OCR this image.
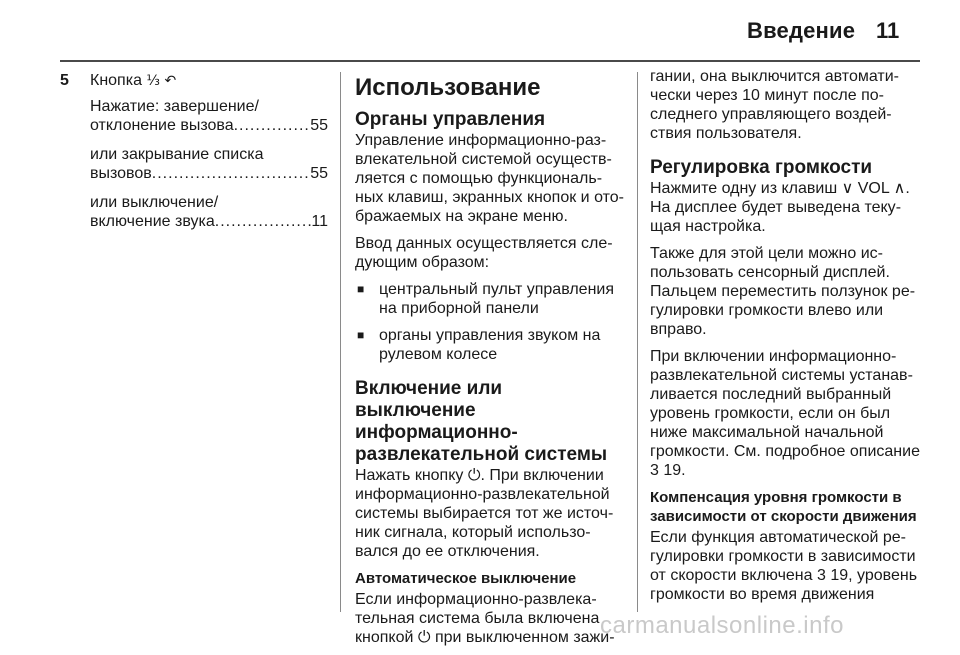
Введение 11
5 Кнопка ⅓ ↶

Нажатие: завершение/
отклонение вызова .....	55
или закрывание списка
вызовов .....	55
или выключение/
включение звука .....	11

Использование

Органы управления

Управление информационно-развлекательной системой осуществляется с помощью функциональных клавиш, экранных кнопок и отображаемых на экране меню.

Ввод данных осуществляется следующим образом:

■ центральный пульт управления на приборной панели
■ органы управления звуком на рулевом колесе

Включение или выключение информационно-развлекательной системы

Нажать кнопку ⏻. При включении информационно-развлекательной системы выбирается тот же источник сигнала, который использовался до ее отключения.

Автоматическое выключение

Если информационно-развлекательная система была включена кнопкой ⏻ при выключенном зажи-

гании, она выключится автоматически через 10 минут после последнего управляющего воздействия пользователя.

Регулировка громкости

Нажмите одну из клавиш ∨ VOL ∧. На дисплее будет выведена текущая настройка.

Также для этой цели можно использовать сенсорный дисплей. Пальцем переместить ползунок регулировки громкости влево или вправо.

При включении информационно-развлекательной системы устанавливается последний выбранный уровень громкости, если он был ниже максимальной начальной громкости. См. подробное описание 3 19.

Компенсация уровня громкости в зависимости от скорости движения

Если функция автоматической регулировки громкости в зависимости от скорости включена 3 19, уровень громкости во время движения

carmanualsonline.info
